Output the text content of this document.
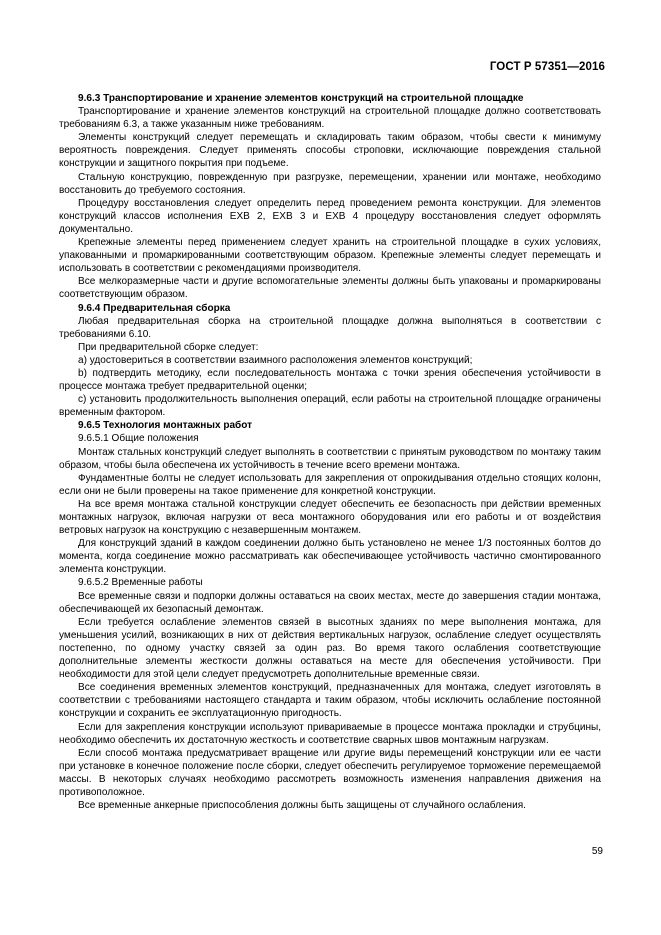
ГОСТ Р 57351—2016

9.6.3 Транспортирование и хранение элементов конструкций на строительной площадке

Транспортирование и хранение элементов конструкций на строительной площадке должно соответствовать требованиям 6.3, а также указанным ниже требованиям.

Элементы конструкций следует перемещать и складировать таким образом, чтобы свести к минимуму вероятность повреждения. Следует применять способы строповки, исключающие повреждения стальной конструкции и защитного покрытия при подъеме.

Стальную конструкцию, поврежденную при разгрузке, перемещении, хранении или монтаже, необходимо восстановить до требуемого состояния.

Процедуру восстановления следует определить перед проведением ремонта конструкции. Для элементов конструкций классов исполнения EXB 2, EXB 3 и EXB 4 процедуру восстановления следует оформлять документально.

Крепежные элементы перед применением следует хранить на строительной площадке в сухих условиях, упакованными и промаркированными соответствующим образом. Крепежные элементы следует перемещать и использовать в соответствии с рекомендациями производителя.

Все мелкоразмерные части и другие вспомогательные элементы должны быть упакованы и промаркированы соответствующим образом.

9.6.4 Предварительная сборка

Любая предварительная сборка на строительной площадке должна выполняться в соответствии с требованиями 6.10.

При предварительной сборке следует:

а) удостовериться в соответствии взаимного расположения элементов конструкций;

b) подтвердить методику, если последовательность монтажа с точки зрения обеспечения устойчивости в процессе монтажа требует предварительной оценки;

c) установить продолжительность выполнения операций, если работы на строительной площадке ограничены временным фактором.

9.6.5 Технология монтажных работ

9.6.5.1 Общие положения

Монтаж стальных конструкций следует выполнять в соответствии с принятым руководством по монтажу таким образом, чтобы была обеспечена их устойчивость в течение всего времени монтажа.

Фундаментные болты не следует использовать для закрепления от опрокидывания отдельно стоящих колонн, если они не были проверены на такое применение для конкретной конструкции.

На все время монтажа стальной конструкции следует обеспечить ее безопасность при действии временных монтажных нагрузок, включая нагрузки от веса монтажного оборудования или его работы и от воздействия ветровых нагрузок на конструкцию с незавершенным монтажем.

Для конструкций зданий в каждом соединении должно быть установлено не менее 1/3 постоянных болтов до момента, когда соединение можно рассматривать как обеспечивающее устойчивость частично смонтированного элемента конструкции.

9.6.5.2 Временные работы

Все временные связи и подпорки должны оставаться на своих местах, месте до завершения стадии монтажа, обеспечивающей их безопасный демонтаж.

Если требуется ослабление элементов связей в высотных зданиях по мере выполнения монтажа, для уменьшения усилий, возникающих в них от действия вертикальных нагрузок, ослабление следует осуществлять постепенно, по одному участку связей за один раз. Во время такого ослабления соответствующие дополнительные элементы жесткости должны оставаться на месте для обеспечения устойчивости. При необходимости для этой цели следует предусмотреть дополнительные временные связи.

Все соединения временных элементов конструкций, предназначенных для монтажа, следует изготовлять в соответствии с требованиями настоящего стандарта и таким образом, чтобы исключить ослабление постоянной конструкции и сохранить ее эксплуатационную пригодность.

Если для закрепления конструкции используют привариваемые в процессе монтажа прокладки и струбцины, необходимо обеспечить их достаточную жесткость и соответствие сварных швов монтажным нагрузкам.

Если способ монтажа предусматривает вращение или другие виды перемещений конструкции или ее части при установке в конечное положение после сборки, следует обеспечить регулируемое торможение перемещаемой массы. В некоторых случаях необходимо рассмотреть возможность изменения направления движения на противоположное.

Все временные анкерные приспособления должны быть защищены от случайного ослабления.

59
